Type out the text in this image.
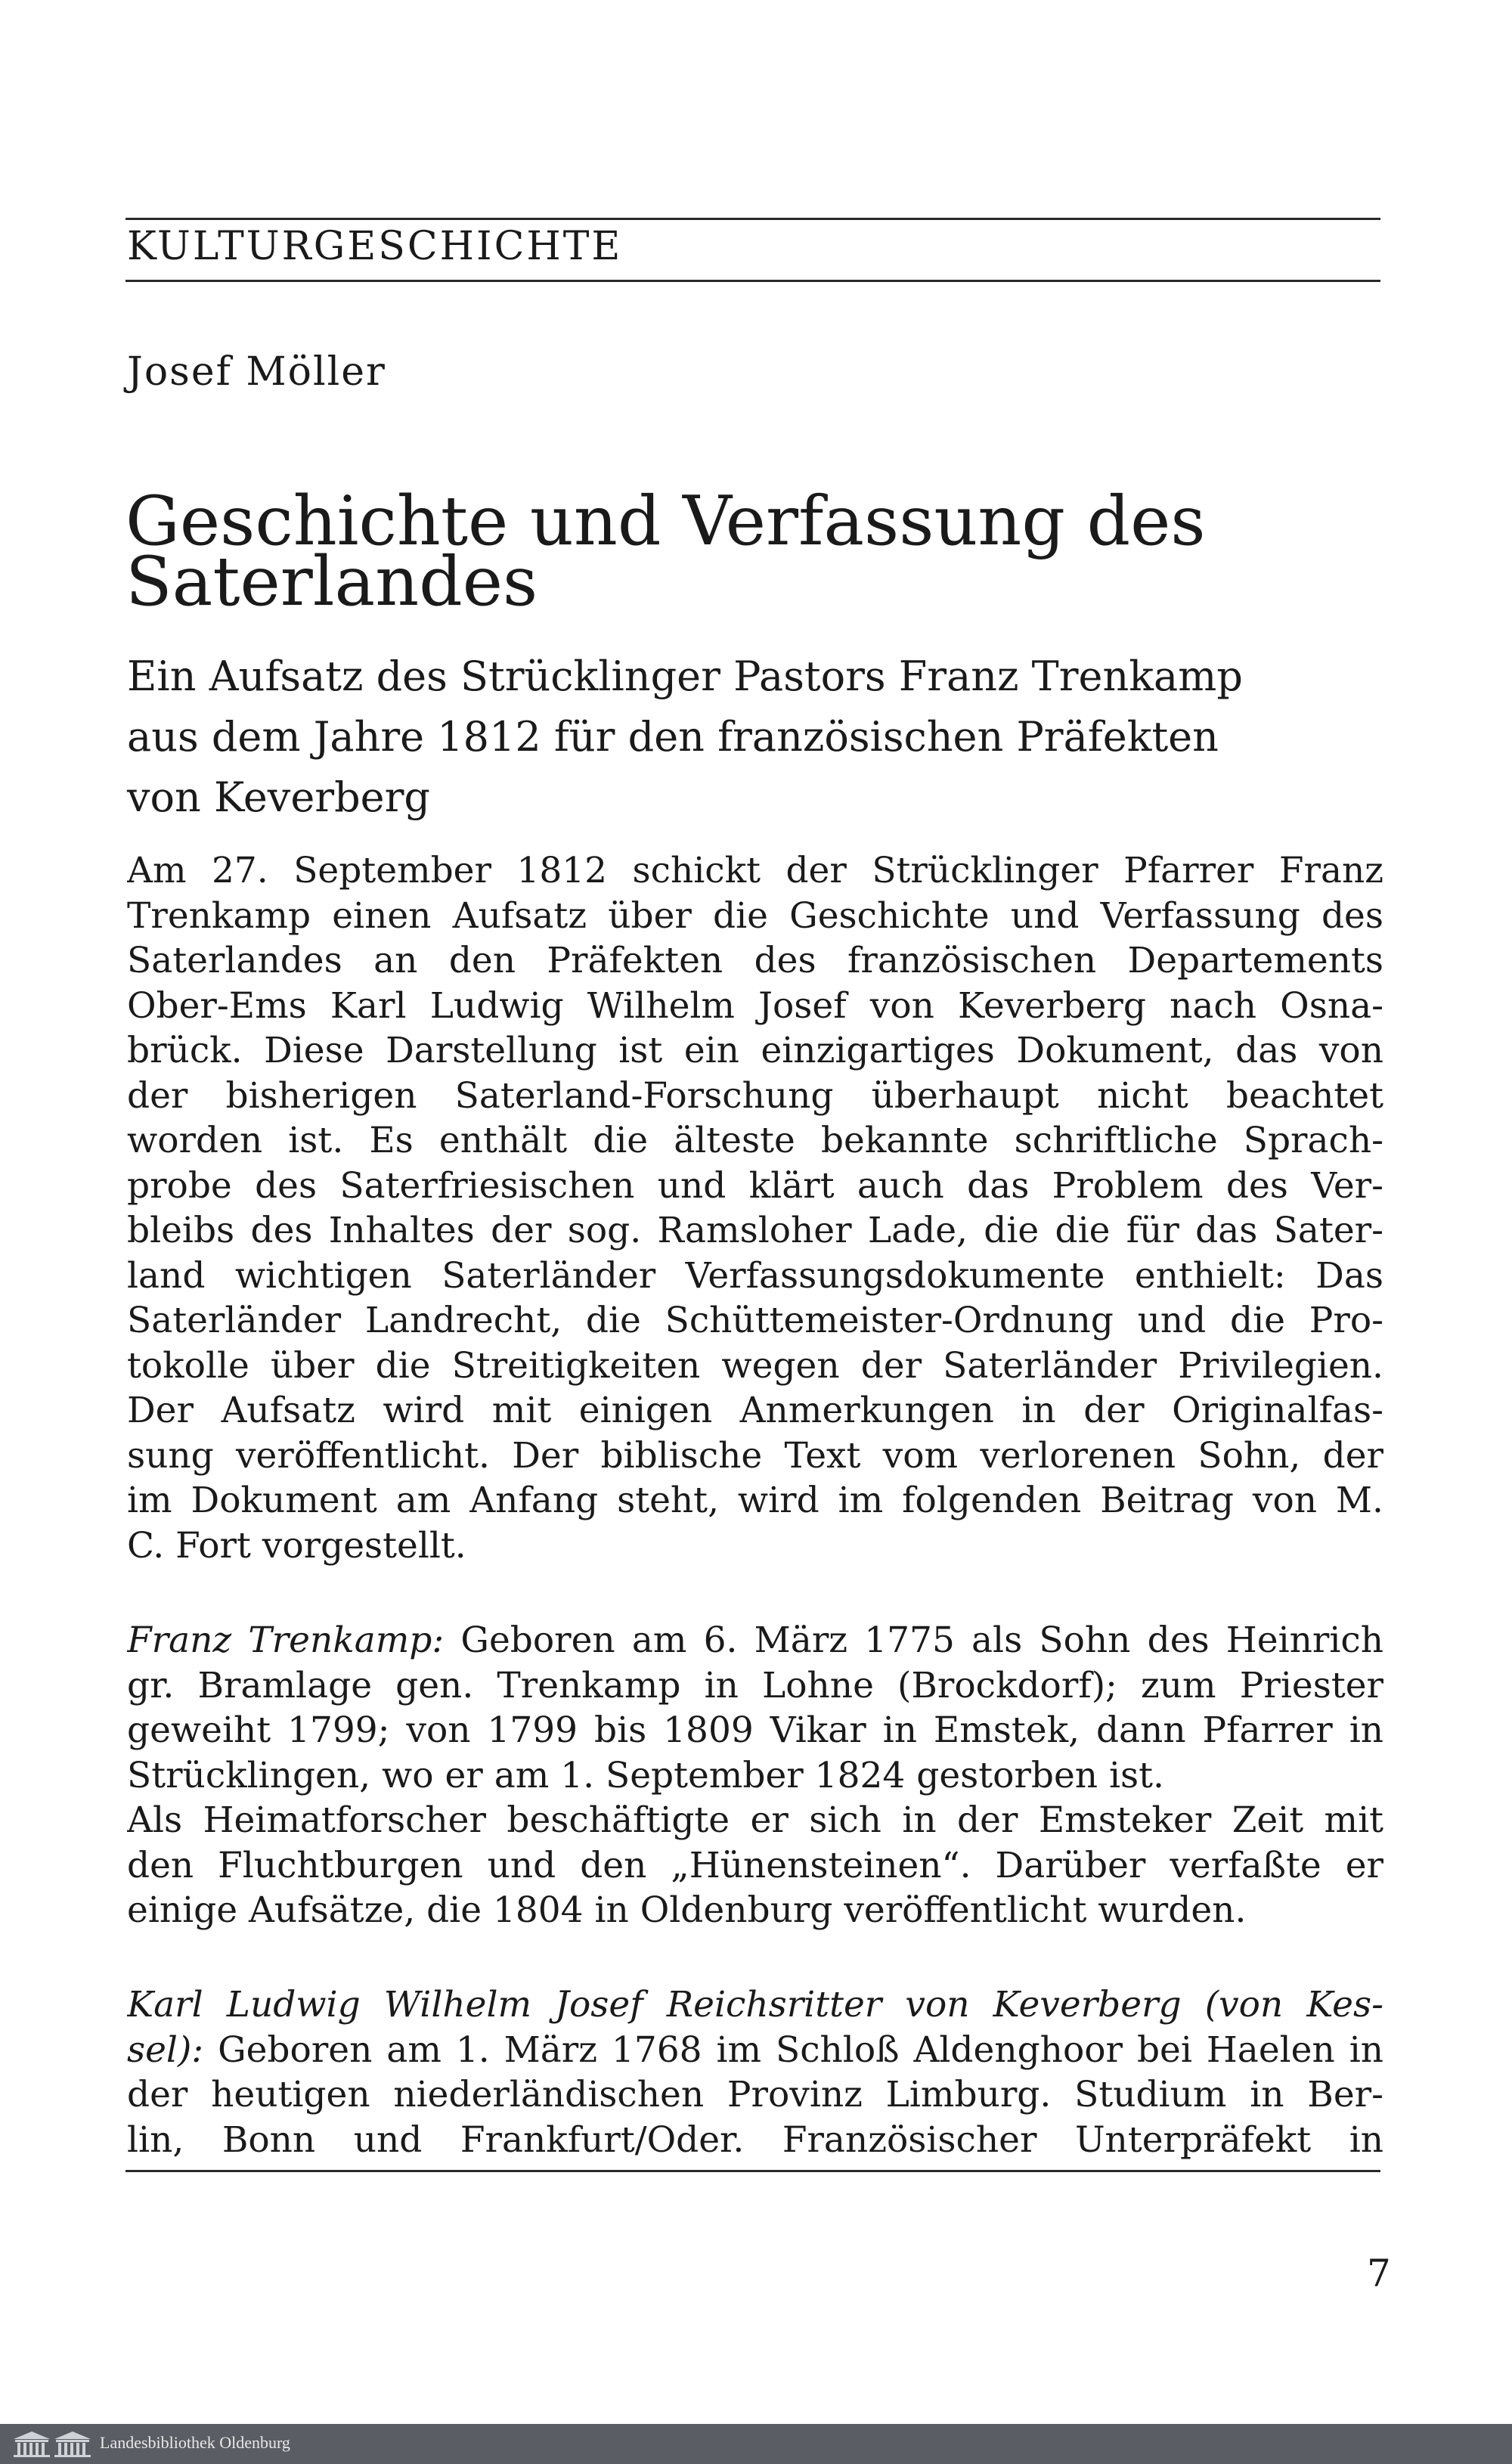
KULTURGESCHICHTE
Josef Möller
Geschichte und Verfassung des Saterlandes
Ein Aufsatz des Strücklinger Pastors Franz Trenkamp
aus dem Jahre 1812 für den französischen Präfekten
von Keverberg
Am 27. September 1812 schickt der Strücklinger Pfarrer Franz
Trenkamp einen Aufsatz über die Geschichte und Verfassung des
Saterlandes an den Präfekten des französischen Departements
Ober-Ems Karl Ludwig Wilhelm Josef von Keverberg nach Osna-
brück. Diese Darstellung ist ein einzigartiges Dokument, das von
der bisherigen Saterland-Forschung überhaupt nicht beachtet
worden ist. Es enthält die älteste bekannte schriftliche Sprach-
probe des Saterfriesischen und klärt auch das Problem des Ver-
bleibs des Inhaltes der sog. Ramsloher Lade, die die für das Sater-
land wichtigen Saterländer Verfassungsdokumente enthielt: Das
Saterländer Landrecht, die Schüttemeister-Ordnung und die Pro-
tokolle über die Streitigkeiten wegen der Saterländer Privilegien.
Der Aufsatz wird mit einigen Anmerkungen in der Originalfas-
sung veröffentlicht. Der biblische Text vom verlorenen Sohn, der
im Dokument am Anfang steht, wird im folgenden Beitrag von M.
C. Fort vorgestellt.
Franz Trenkamp: Geboren am 6. März 1775 als Sohn des Heinrich
gr. Bramlage gen. Trenkamp in Lohne (Brockdorf); zum Priester
geweiht 1799; von 1799 bis 1809 Vikar in Emstek, dann Pfarrer in
Strücklingen, wo er am 1. September 1824 gestorben ist.
Als Heimatforscher beschäftigte er sich in der Emsteker Zeit mit
den Fluchtburgen und den „Hünensteinen“. Darüber verfaßte er
einige Aufsätze, die 1804 in Oldenburg veröffentlicht wurden.
Karl Ludwig Wilhelm Josef Reichsritter von Keverberg (von Kes-
sel): Geboren am 1. März 1768 im Schloß Aldenghoor bei Haelen in
der heutigen niederländischen Provinz Limburg. Studium in Ber-
lin, Bonn und Frankfurt/Oder. Französischer Unterpräfekt in
7
Landesbibliothek Oldenburg
